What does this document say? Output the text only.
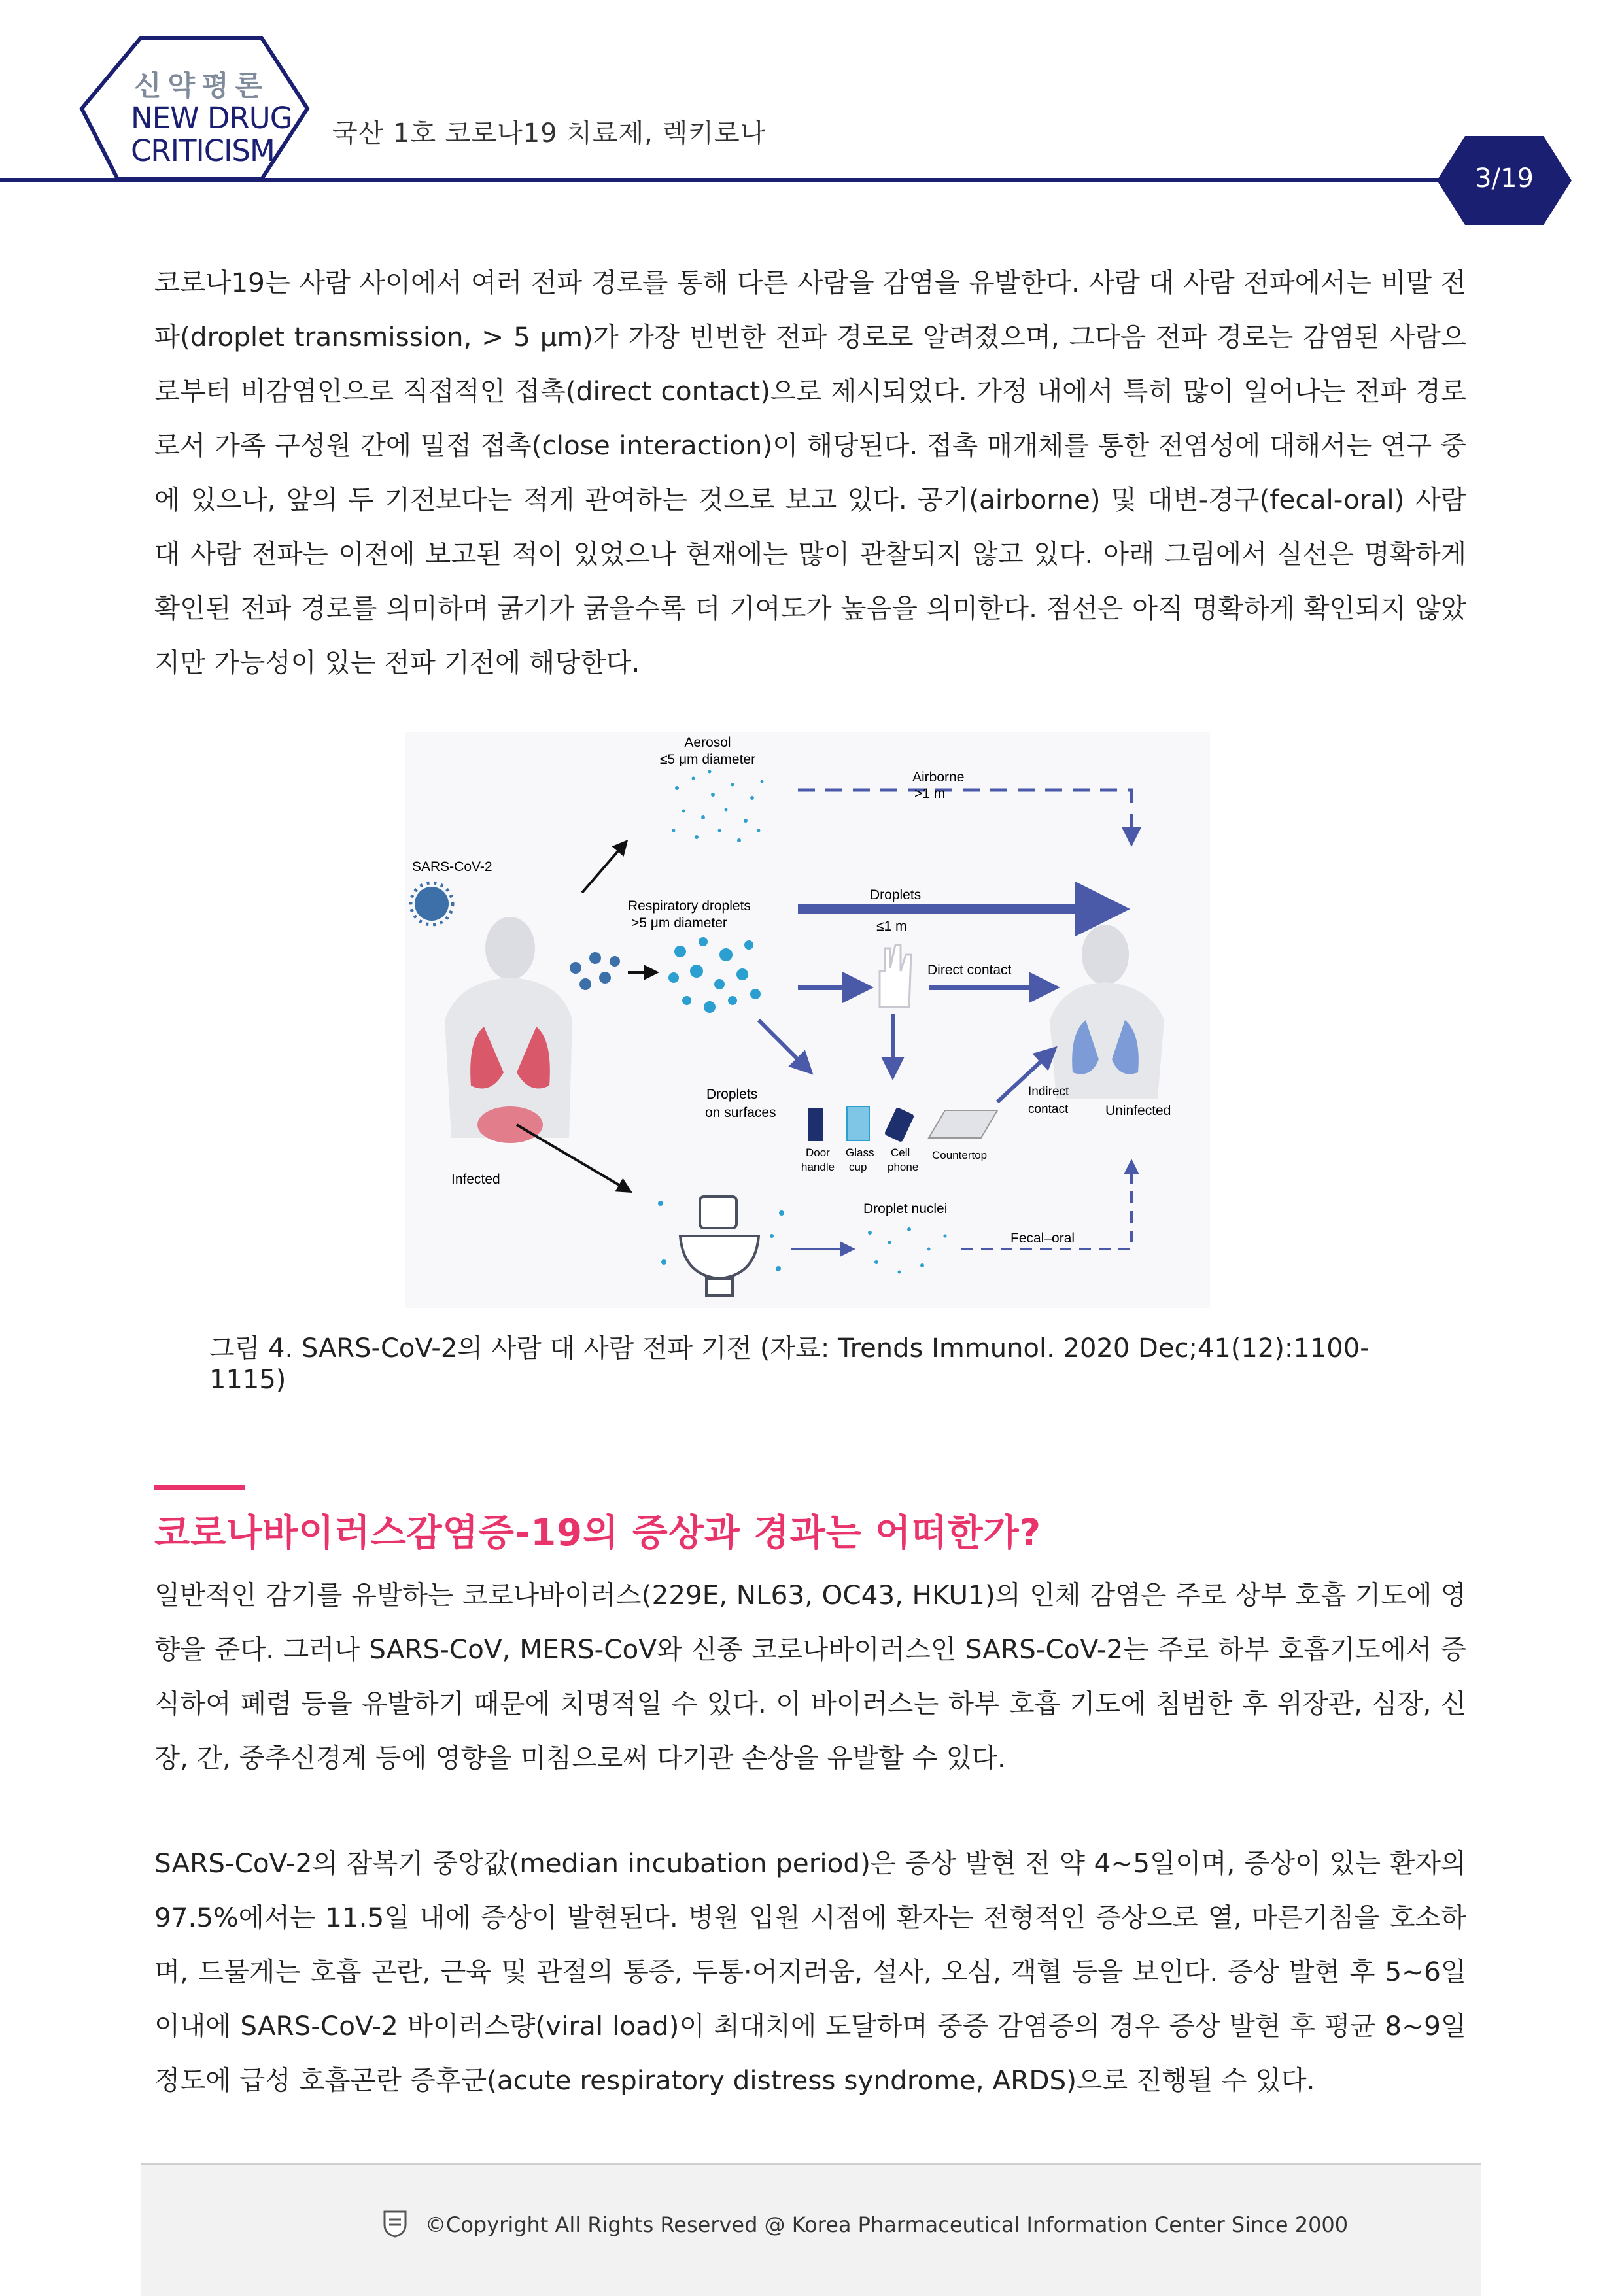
신약평론
NEW DRUG
CRITICISM 국산 1호 코로나19 치료제, 렉키로나
3/19

코로나19는 사람 사이에서 여러 전파 경로를 통해 다른 사람을 감염을 유발한다. 사람 대 사람 전파에서는 비말 전파(droplet transmission, > 5 μm)가 가장 빈번한 전파 경로로 알려졌으며, 그다음 전파 경로는 감염된 사람으로부터 비감염인으로 직접적인 접촉(direct contact)으로 제시되었다. 가정 내에서 특히 많이 일어나는 전파 경로로서 가족 구성원 간에 밀접 접촉(close interaction)이 해당된다. 접촉 매개체를 통한 전염성에 대해서는 연구 중에 있으나, 앞의 두 기전보다는 적게 관여하는 것으로 보고 있다. 공기(airborne) 및 대변-경구(fecal-oral) 사람 대 사람 전파는 이전에 보고된 적이 있었으나 현재에는 많이 관찰되지 않고 있다. 아래 그림에서 실선은 명확하게 확인된 전파 경로를 의미하며 굵기가 굵을수록 더 기여도가 높음을 의미한다. 점선은 아직 명확하게 확인되지 않았지만 가능성이 있는 전파 기전에 해당한다.

Aerosol
≤5 μm diameter
Airborne
>1 m
SARS-CoV-2
Respiratory droplets
>5 μm diameter
Droplets
≤1 m
Direct contact
Infected
Uninfected
Droplets
on surfaces
Door
handle
Glass
cup
Cell
phone
Countertop
Indirect
contact
Droplet nuclei
Fecal–oral
그림 4. SARS-CoV-2의 사람 대 사람 전파 기전 (자료: Trends Immunol. 2020 Dec;41(12):1100-1115)
코로나바이러스감염증-19의 증상과 경과는 어떠한가?

일반적인 감기를 유발하는 코로나바이러스(229E, NL63, OC43, HKU1)의 인체 감염은 주로 상부 호흡 기도에 영향을 준다. 그러나 SARS-CoV, MERS-CoV와 신종 코로나바이러스인 SARS-CoV-2는 주로 하부 호흡기도에서 증식하여 폐렴 등을 유발하기 때문에 치명적일 수 있다. 이 바이러스는 하부 호흡 기도에 침범한 후 위장관, 심장, 신장, 간, 중추신경계 등에 영향을 미침으로써 다기관 손상을 유발할 수 있다.

SARS-CoV-2의 잠복기 중앙값(median incubation period)은 증상 발현 전 약 4~5일이며, 증상이 있는 환자의 97.5%에서는 11.5일 내에 증상이 발현된다. 병원 입원 시점에 환자는 전형적인 증상으로 열, 마른기침을 호소하며, 드물게는 호흡 곤란, 근육 및 관절의 통증, 두통·어지러움, 설사, 오심, 객혈 등을 보인다. 증상 발현 후 5~6일 이내에 SARS-CoV-2 바이러스량(viral load)이 최대치에 도달하며 중증 감염증의 경우 증상 발현 후 평균 8~9일 정도에 급성 호흡곤란 증후군(acute respiratory distress syndrome, ARDS)으로 진행될 수 있다.

©Copyright All Rights Reserved @ Korea Pharmaceutical Information Center Since 2000
